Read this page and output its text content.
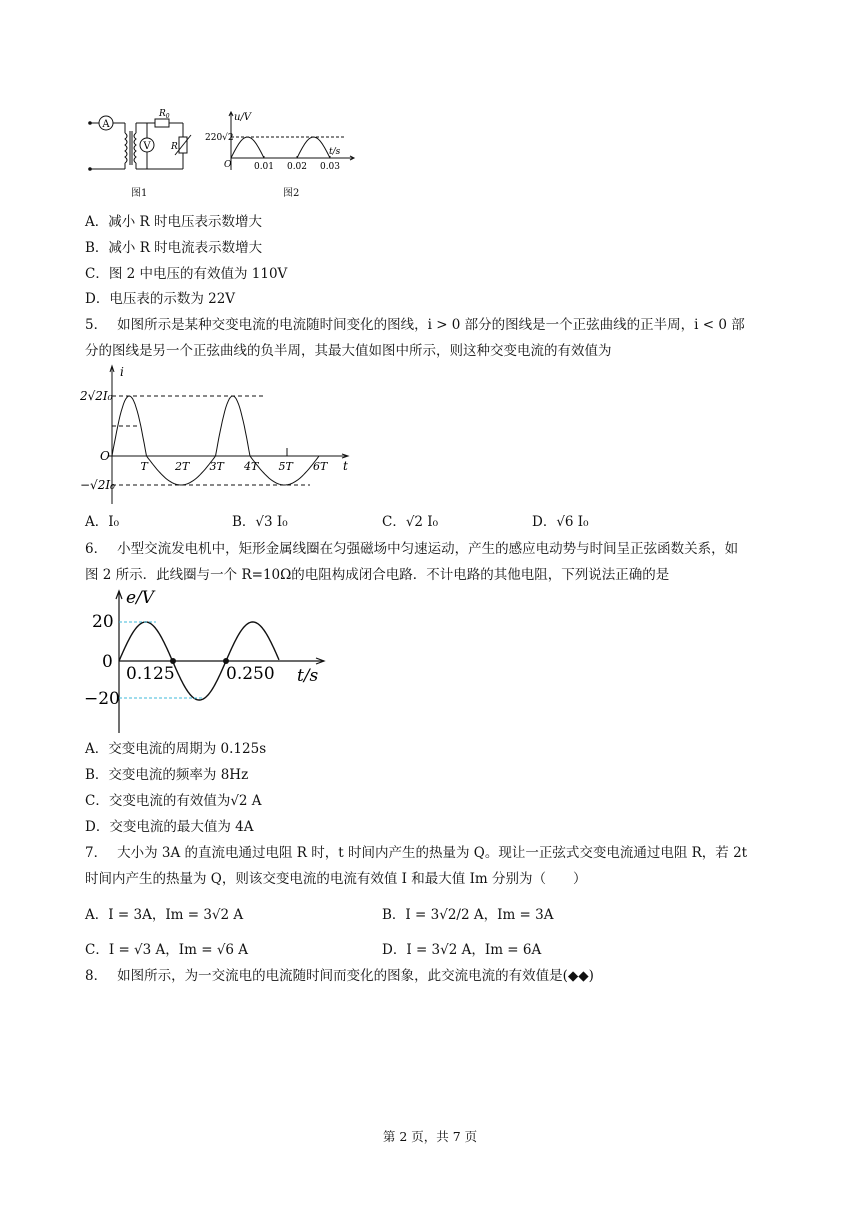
A
V
$R_0$
R
图1
u/V
220√2
O
t/s
0.01 0.02 0.03
图2
A．减小 R 时电压表示数增大
B．减小 R 时电流表示数增大
C．图 2 中电压的有效值为 110V
D．电压表的示数为 22V
5． 如图所示是某种交变电流的电流随时间变化的图线，i > 0 部分的图线是一个正弦曲线的正半周，i < 0 部
分的图线是另一个正弦曲线的负半周，其最大值如图中所示，则这种交变电流的有效值为
i
2√2I₀
−√2I₀
O
t
T 2T 3T 4T 5T 6T
A．I₀	B．√3 I₀	C．√2 I₀	D．√6 I₀
6． 小型交流发电机中，矩形金属线圈在匀强磁场中匀速运动，产生的感应电动势与时间呈正弦函数关系，如
图 2 所示．此线圈与一个 R=10Ω的电阻构成闭合电路．不计电路的其他电阻，下列说法正确的是
e/V
20
0
−20
0.125	0.250 t/s
A．交变电流的周期为 0.125s
B．交变电流的频率为 8Hz
C．交变电流的有效值为√2 A
D．交变电流的最大值为 4A
7． 大小为 3A 的直流电通过电阻 R 时，t 时间内产生的热量为 Q。现让一正弦式交变电流通过电阻 R，若 2t
时间内产生的热量为 Q，则该交变电流的电流有效值 I 和最大值 Im 分别为（　　）
A．I = 3A，Im = 3√2 A	B．I = 3√2/2 A，Im = 3A
C．I = √3 A，Im = √6 A	D．I = 3√2 A，Im = 6A
8． 如图所示，为一交流电的电流随时间而变化的图象，此交流电流的有效值是(◆◆)
第 2 页，共 7 页
